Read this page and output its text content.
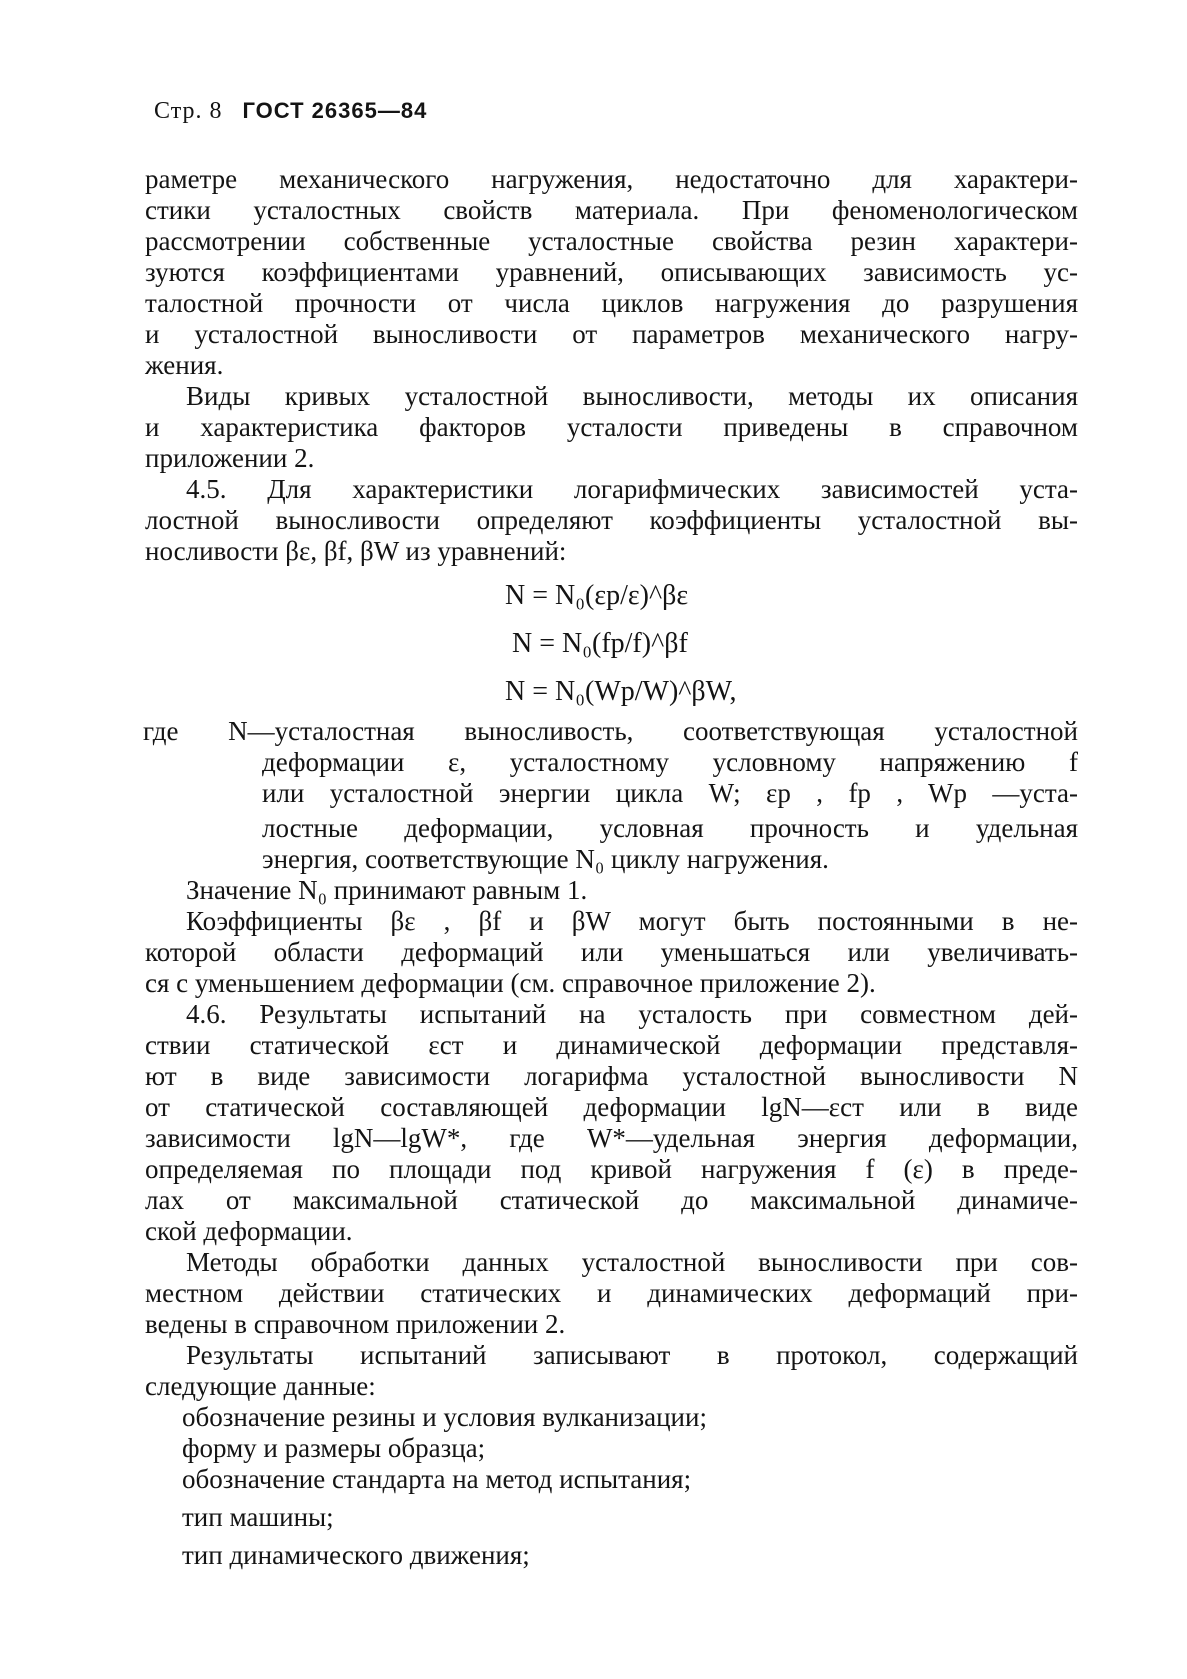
Стр. 8 ГОСТ 26365—84
раметре механического нагружения, недостаточно для характери-
стики усталостных свойств материала. При феноменологическом
рассмотрении собственные усталостные свойства резин характери-
зуются коэффициентами уравнений, описывающих зависимость ус-
талостной прочности от числа циклов нагружения до разрушения
и усталостной выносливости от параметров механического нагру-
жения.
Виды кривых усталостной выносливости, методы их описания
и характеристика факторов усталости приведены в справочном
приложении 2.
4.5. Для характеристики логарифмических зависимостей уста-
лостной выносливости определяют коэффициенты усталостной вы-
носливости βε, βf, βW из уравнений:
N = N₀(εp/ε)^βε
N = N₀(fp/f)^βf
N = N₀(Wp/W)^βW,
где N—усталостная выносливость, соответствующая усталостной
деформации ε, усталостному условному напряжению f
или усталостной энергии цикла W; εp , fp , Wp —уста-
лостные деформации, условная прочность и удельная
энергия, соответствующие N₀ циклу нагружения.
Значение N₀ принимают равным 1.
Коэффициенты βε , βf и βW могут быть постоянными в не-
которой области деформаций или уменьшаться или увеличивать-
ся с уменьшением деформации (см. справочное приложение 2).
4.6. Результаты испытаний на усталость при совместном дей-
ствии статической εст и динамической деформации представля-
ют в виде зависимости логарифма усталостной выносливости N
от статической составляющей деформации lgN—εст или в виде
зависимости lgN—lgW*, где W*—удельная энергия деформации,
определяемая по площади под кривой нагружения f (ε) в преде-
лах от максимальной статической до максимальной динамиче-
ской деформации.
Методы обработки данных усталостной выносливости при сов-
местном действии статических и динамических деформаций при-
ведены в справочном приложении 2.
Результаты испытаний записывают в протокол, содержащий
следующие данные:
обозначение резины и условия вулканизации;
форму и размеры образца;
обозначение стандарта на метод испытания;
тип машины;
тип динамического движения;
